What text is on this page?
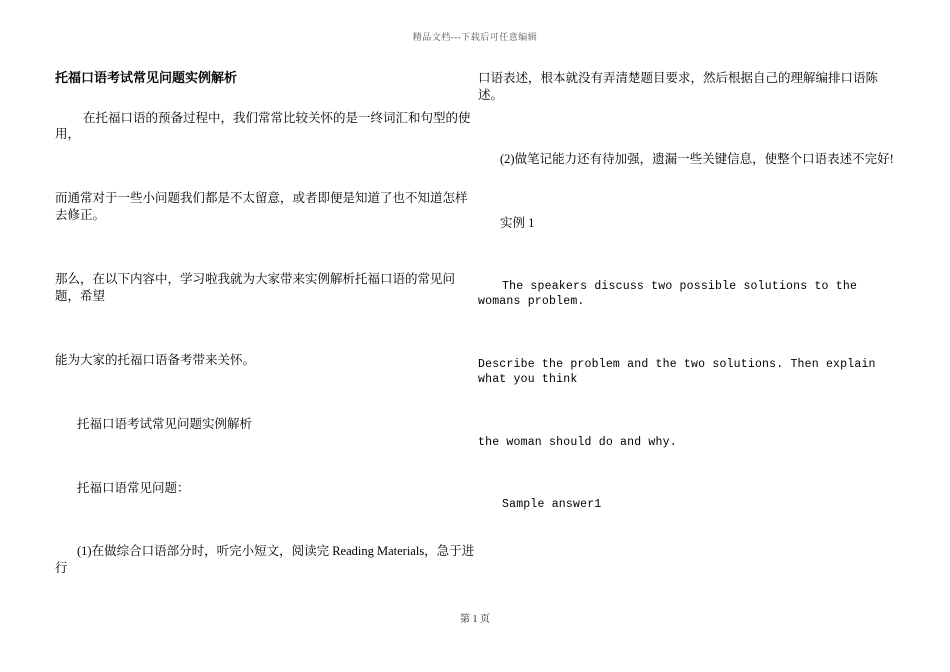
精品文档---下载后可任意编辑
托福口语考试常见问题实例解析

在托福口语的预备过程中，我们常常比较关怀的是一终词汇和句型的使用，

而通常对于一些小问题我们都是不太留意，或者即便是知道了也不知道怎样去修正。

那么，在以下内容中，学习啦我就为大家带来实例解析托福口语的常见问题，希望

能为大家的托福口语备考带来关怀。

托福口语考试常见问题实例解析

托福口语常见问题：

(1)在做综合口语部分时，听完小短文，阅读完 Reading Materials，急于进行

口语表述，根本就没有弄清楚题目要求，然后根据自己的理解编排口语陈述。

(2)做笔记能力还有待加强，遗漏一些关键信息，使整个口语表述不完好!

实例 1

The speakers discuss two possible solutions to the womans problem.

Describe the problem and the two solutions. Then explain what you think

the woman should do and why.

Sample answer1

第 1 页
